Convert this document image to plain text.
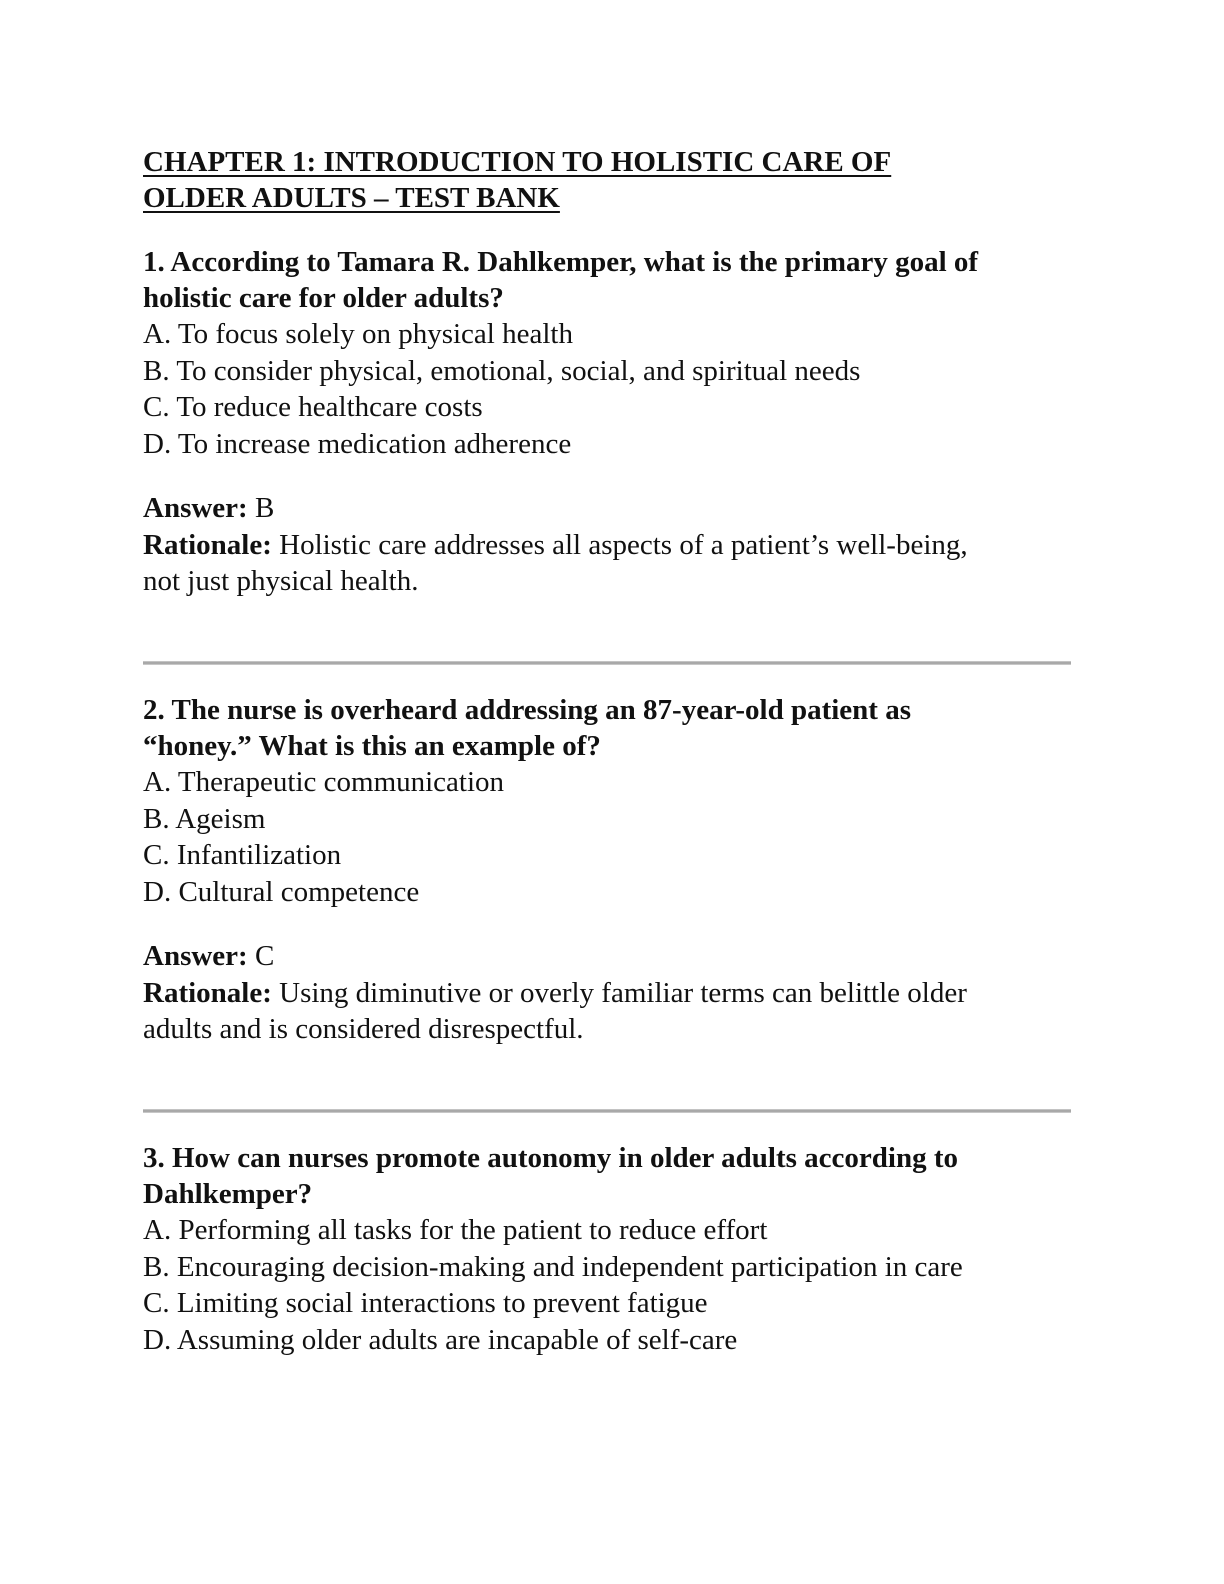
CHAPTER 1: INTRODUCTION TO HOLISTIC CARE OF
OLDER ADULTS – TEST BANK

1. According to Tamara R. Dahlkemper, what is the primary goal of
holistic care for older adults?

A. To focus solely on physical health
B. To consider physical, emotional, social, and spiritual needs
C. To reduce healthcare costs
D. To increase medication adherence

Answer: B

Rationale: Holistic care addresses all aspects of a patient’s well-being,
not just physical health.

2. The nurse is overheard addressing an 87-year-old patient as
“honey.” What is this an example of?

A. Therapeutic communication
B. Ageism
C. Infantilization
D. Cultural competence

Answer: C

Rationale: Using diminutive or overly familiar terms can belittle older
adults and is considered disrespectful.

3. How can nurses promote autonomy in older adults according to
Dahlkemper?

A. Performing all tasks for the patient to reduce effort
B. Encouraging decision-making and independent participation in care
C. Limiting social interactions to prevent fatigue
D. Assuming older adults are incapable of self-care
